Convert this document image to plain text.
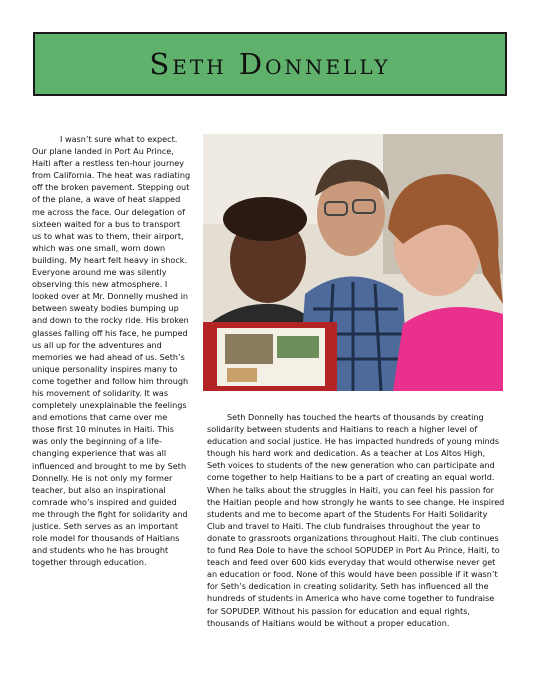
Seth Donnelly

I wasn’t sure what to expect. Our plane landed in Port Au Prince, Haiti after a restless ten-hour journey from California. The heat was radiating off the broken pavement. Stepping out of the plane, a wave of heat slapped me across the face. Our delegation of sixteen waited for a bus to transport us to what was to them, their airport, which was one small, worn down building. My heart felt heavy in shock. Everyone around me was silently observing this new atmosphere. I looked over at Mr. Donnelly mushed in between sweaty bodies bumping up and down to the rocky ride. His broken glasses falling off his face, he pumped us all up for the adventures and memories we had ahead of us. Seth’s unique personality inspires many to come together and follow him through his movement of solidarity. It was completely unexplainable the feelings and emotions that came over me those first 10 minutes in Haiti. This was only the beginning of a life-changing experience that was all influenced and brought to me by Seth Donnelly. He is not only my former teacher, but also an inspirational comrade who’s inspired and guided me through the fight for solidarity and justice. Seth serves as an important role model for thousands of Haitians and students who he has brought together through education.

Seth Donnelly has touched the hearts of thousands by creating solidarity between students and Haitians to reach a higher level of education and social justice. He has impacted hundreds of young minds though his hard work and dedication. As a teacher at Los Altos High, Seth voices to students of the new generation who can participate and come together to help Haitians to be a part of creating an equal world. When he talks about the struggles in Haiti, you can feel his passion for the Haitian people and how strongly he wants to see change. He inspired students and me to become apart of the Students For Haiti Solidarity Club and travel to Haiti. The club fundraises throughout the year to donate to grassroots organizations throughout Haiti. The club continues to fund Rea Dole to have the school SOPUDEP in Port Au Prince, Haiti, to teach and feed over 600 kids everyday that would otherwise never get an education or food. None of this would have been possible if it wasn’t for Seth’s dedication in creating solidarity. Seth has influenced all the hundreds of students in America who have come together to fundraise for SOPUDEP. Without his passion for education and equal rights, thousands of Haitians would be without a proper education.
